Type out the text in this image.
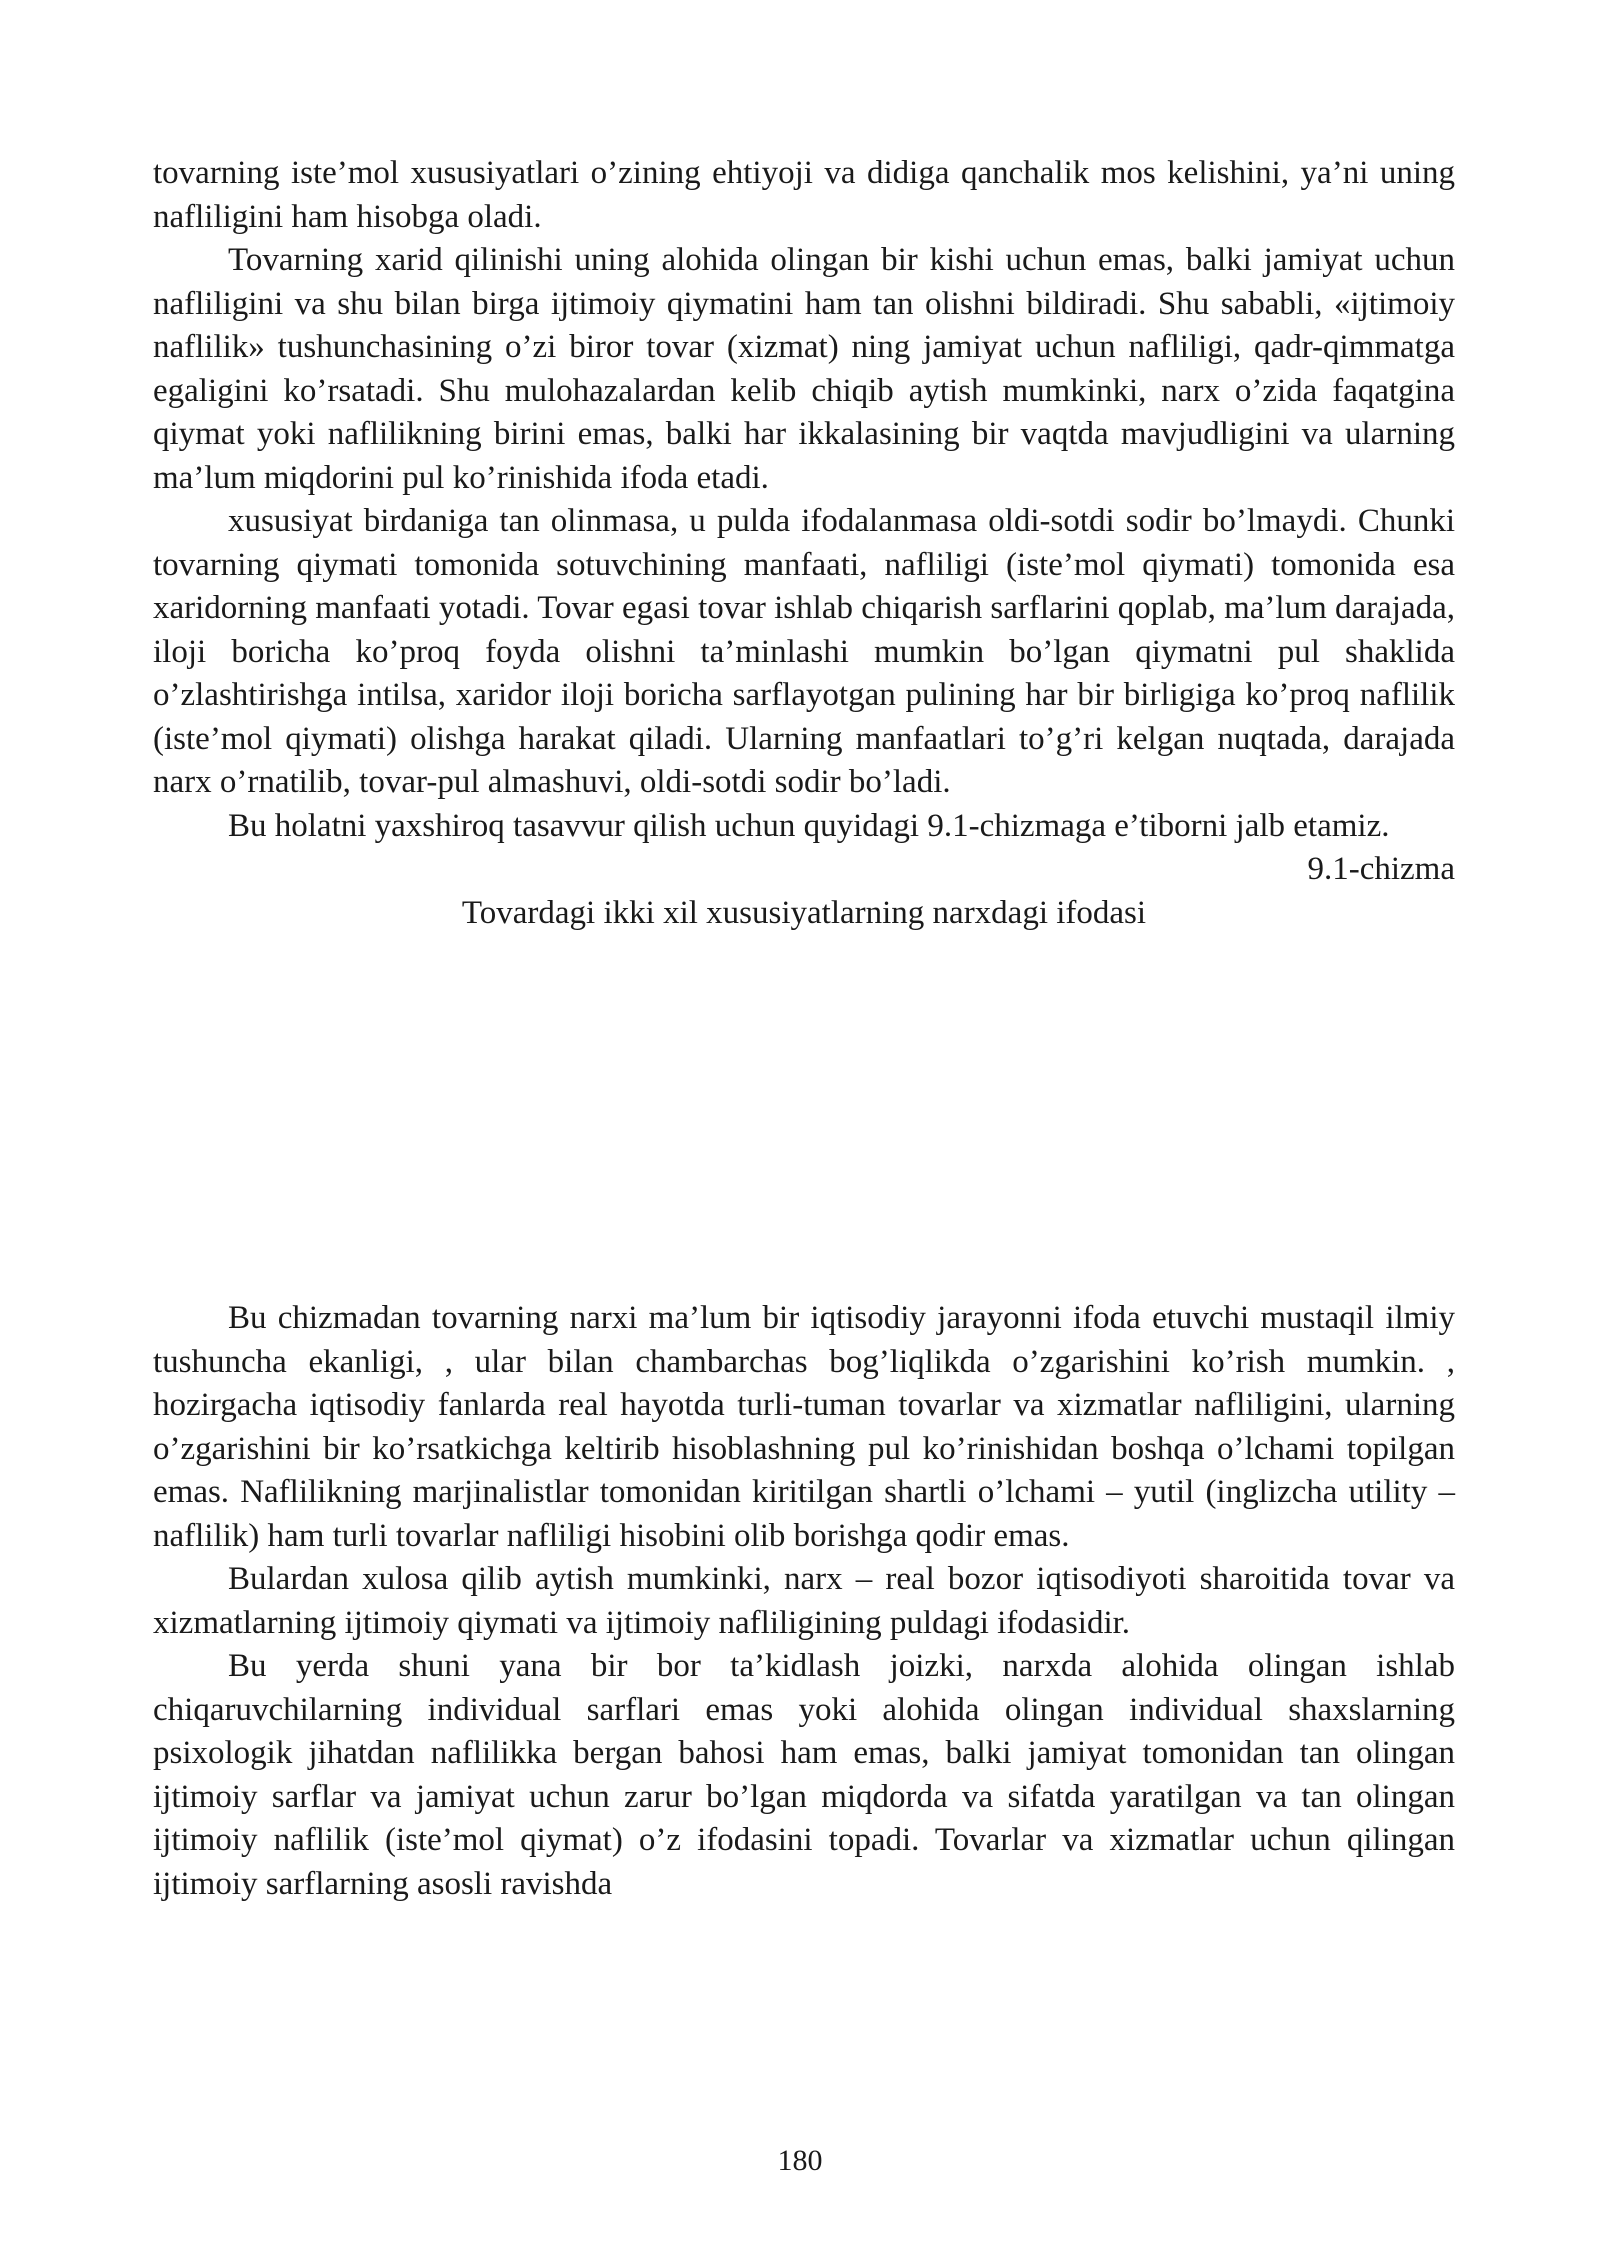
tovarning iste’mol xususiyatlari o’zining ehtiyoji va didiga qanchalik mos kelishini, ya’ni uning nafliligini ham hisobga oladi.

Tovarning xarid qilinishi uning alohida olingan bir kishi uchun emas, balki jamiyat uchun nafliligini va shu bilan birga ijtimoiy qiymatini ham tan olishni bildiradi. Shu sababli, «ijtimoiy naflilik» tushunchasining o’zi biror tovar (xizmat) ning jamiyat uchun nafliligi, qadr-qimmatga egaligini ko’rsatadi. Shu mulohazalardan kelib chiqib aytish mumkinki, narx o’zida faqatgina qiymat yoki naflilikning birini emas, balki har ikkalasining bir vaqtda mavjudligini va ularning ma’lum miqdorini pul ko’rinishida ifoda etadi.

xususiyat birdaniga tan olinmasa, u pulda ifodalanmasa oldi-sotdi sodir bo’lmaydi. Chunki tovarning qiymati tomonida sotuvchining manfaati, nafliligi (iste’mol qiymati) tomonida esa xaridorning manfaati yotadi. Tovar egasi tovar ishlab chiqarish sarflarini qoplab, ma’lum darajada, iloji boricha ko’proq foyda olishni ta’minlashi mumkin bo’lgan qiymatni pul shaklida o’zlashtirishga intilsa, xaridor iloji boricha sarflayotgan pulining har bir birligiga ko’proq naflilik (iste’mol qiymati) olishga harakat qiladi. Ularning manfaatlari to’g’ri kelgan nuqtada, darajada narx o’rnatilib, tovar-pul almashuvi, oldi-sotdi sodir bo’ladi.

Bu holatni yaxshiroq tasavvur qilish uchun quyidagi 9.1-chizmaga e’tiborni jalb etamiz.

9.1-chizma

Tovardagi ikki xil xususiyatlarning narxdagi ifodasi

Bu chizmadan tovarning narxi ma’lum bir iqtisodiy jarayonni ifoda etuvchi mustaqil ilmiy tushuncha ekanligi, , ular bilan chambarchas bog’liqlikda o’zgarishini ko’rish mumkin. , hozirgacha iqtisodiy fanlarda real hayotda turli-tuman tovarlar va xizmatlar nafliligini, ularning o’zgarishini bir ko’rsatkichga keltirib hisoblashning pul ko’rinishidan boshqa o’lchami topilgan emas. Naflilikning marjinalistlar tomonidan kiritilgan shartli o’lchami – yutil (inglizcha utility – naflilik) ham turli tovarlar nafliligi hisobini olib borishga qodir emas.

Bulardan xulosa qilib aytish mumkinki, narx – real bozor iqtisodiyoti sharoitida tovar va xizmatlarning ijtimoiy qiymati va ijtimoiy nafliligining puldagi ifodasidir.

Bu yerda shuni yana bir bor ta’kidlash joizki, narxda alohida olingan ishlab chiqaruvchilarning individual sarflari emas yoki alohida olingan individual shaxslarning psixologik jihatdan naflilikka bergan bahosi ham emas, balki jamiyat tomonidan tan olingan ijtimoiy sarflar va jamiyat uchun zarur bo’lgan miqdorda va sifatda yaratilgan va tan olingan ijtimoiy naflilik (iste’mol qiymat) o’z ifodasini topadi. Tovarlar va xizmatlar uchun qilingan ijtimoiy sarflarning asosli ravishda

180
